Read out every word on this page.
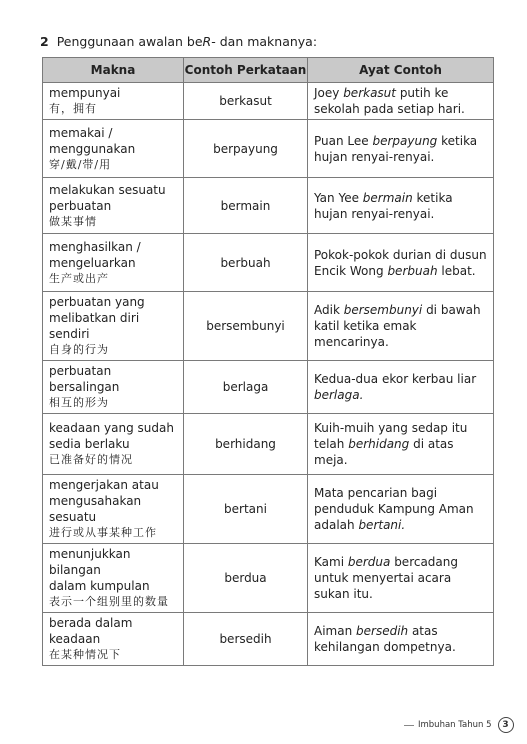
2 Penggunaan awalan beR- dan maknanya:
Makna	Contoh Perkataan	Ayat Contoh

mempunyai
有，拥有	berkasut	Joey berkasut putih ke sekolah pada setiap hari.

memakai /
menggunakan
穿/戴/带/用	berpayung	Puan Lee berpayung ketika hujan renyai-renyai.

melakukan sesuatu
perbuatan
做某事情	bermain	Yan Yee bermain ketika hujan renyai-renyai.

menghasilkan /
mengeluarkan
生产或出产	berbuah	Pokok-pokok durian di dusun Encik Wong berbuah lebat.

perbuatan yang
melibatkan diri sendiri
自身的行为	bersembunyi	Adik bersembunyi di bawah katil ketika emak mencarinya.

perbuatan bersalingan
相互的形为	berlaga	Kedua-dua ekor kerbau liar berlaga.

keadaan yang sudah
sedia berlaku
已准备好的情况	berhidang	Kuih-muih yang sedap itu telah berhidang di atas meja.

mengerjakan atau
mengusahakan sesuatu
进行或从事某种工作	bertani	Mata pencarian bagi penduduk Kampung Aman adalah bertani.

menunjukkan bilangan
dalam kumpulan
表示一个组别里的数量	berdua	Kami berdua bercadang untuk menyertai acara sukan itu.

berada dalam keadaan
在某种情况下	bersedih	Aiman bersedih atas kehilangan dompetnya.
Imbuhan Tahun 5	3
